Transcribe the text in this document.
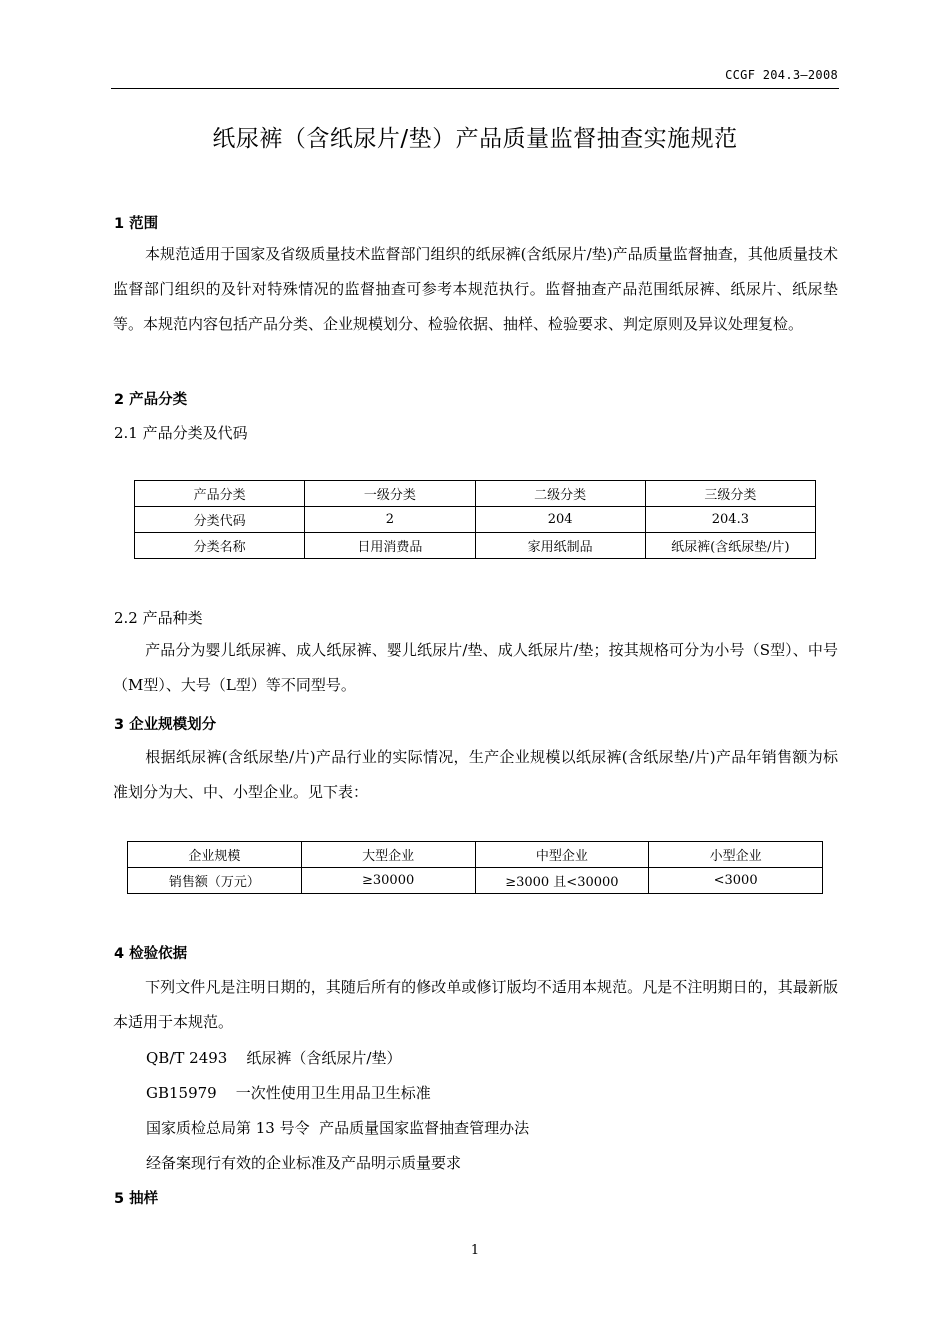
CCGF 204.3—2008
纸尿裤（含纸尿片/垫）产品质量监督抽查实施规范
1 范围
本规范适用于国家及省级质量技术监督部门组织的纸尿裤(含纸尿片/垫)产品质量监督抽查，其他质量技术监督部门组织的及针对特殊情况的监督抽查可参考本规范执行。监督抽查产品范围纸尿裤、纸尿片、纸尿垫等。本规范内容包括产品分类、企业规模划分、检验依据、抽样、检验要求、判定原则及异议处理复检。
2 产品分类
2.1 产品分类及代码
产品分类	一级分类	二级分类	三级分类
分类代码	2	204	204.3
分类名称	日用消费品	家用纸制品	纸尿裤(含纸尿垫/片)
2.2 产品种类
产品分为婴儿纸尿裤、成人纸尿裤、婴儿纸尿片/垫、成人纸尿片/垫；按其规格可分为小号（S型）、中号（M型）、大号（L型）等不同型号。
3 企业规模划分
根据纸尿裤(含纸尿垫/片)产品行业的实际情况，生产企业规模以纸尿裤(含纸尿垫/片)产品年销售额为标准划分为大、中、小型企业。见下表：
企业规模	大型企业	中型企业	小型企业
销售额（万元）	≥30000	≥3000 且<30000	<3000
4 检验依据
下列文件凡是注明日期的，其随后所有的修改单或修订版均不适用本规范。凡是不注明期日的，其最新版本适用于本规范。
QB/T 2493    纸尿裤（含纸尿片/垫）
GB15979    一次性使用卫生用品卫生标准
国家质检总局第 13 号令  产品质量国家监督抽查管理办法
经备案现行有效的企业标准及产品明示质量要求
5 抽样
1
